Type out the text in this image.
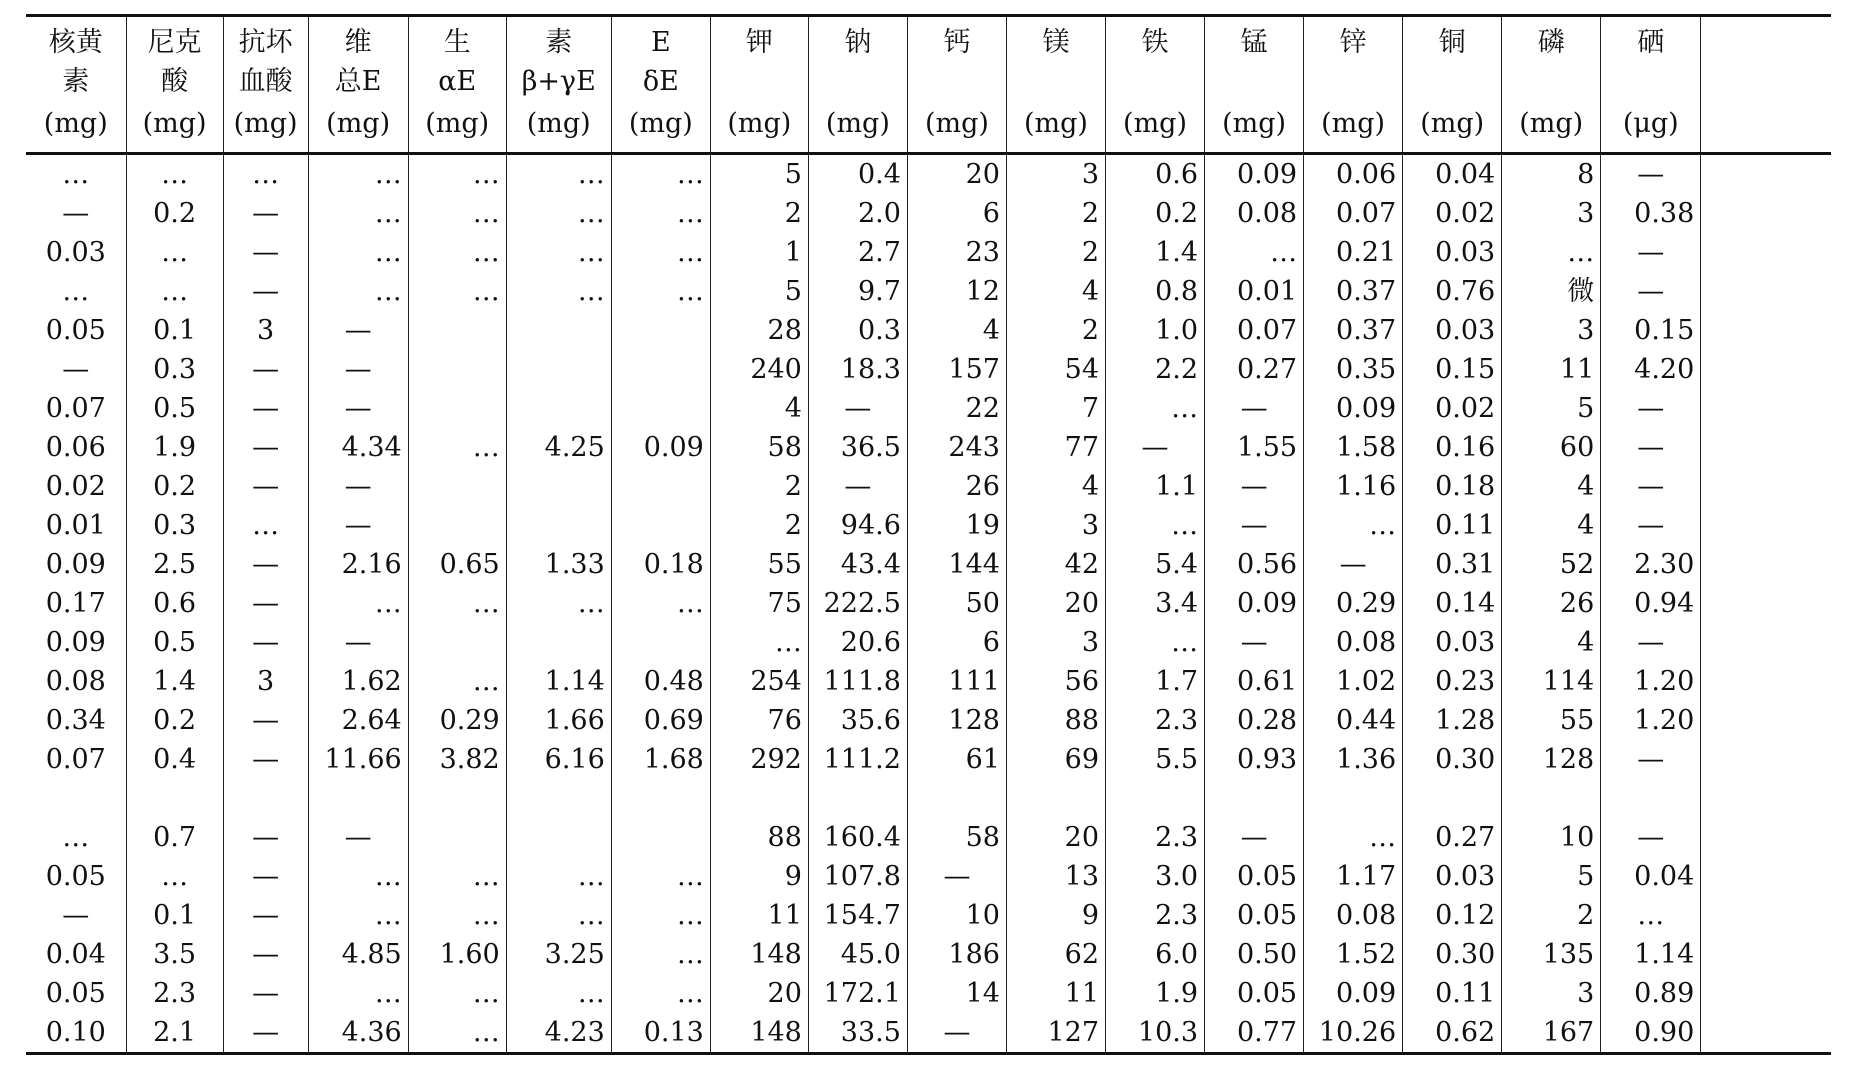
核黄	尼克	抗坏	维	生	素	E	钾	钠	钙	镁	铁	锰	锌	铜	磷	硒	
素	酸	血酸	总E	αE	β+γE	δE											
(mg)	(mg)	(mg)	(mg)	(mg)	(mg)	(mg)	(mg)	(mg)	(mg)	(mg)	(mg)	(mg)	(mg)	(mg)	(mg)	(μg)	
…	…	…	…	…	…	…	5	0.4	20	3	0.6	0.09	0.06	0.04	8	—	
—	0.2	—	…	…	…	…	2	2.0	6	2	0.2	0.08	0.07	0.02	3	0.38	
0.03	…	—	…	…	…	…	1	2.7	23	2	1.4	…	0.21	0.03	…	—	
…	…	—	…	…	…	…	5	9.7	12	4	0.8	0.01	0.37	0.76	微	—	
0.05	0.1	3	—				28	0.3	4	2	1.0	0.07	0.37	0.03	3	0.15	
—	0.3	—	—				240	18.3	157	54	2.2	0.27	0.35	0.15	11	4.20	
0.07	0.5	—	—				4	—	22	7	…	—	0.09	0.02	5	—	
0.06	1.9	—	4.34	…	4.25	0.09	58	36.5	243	77	—	1.55	1.58	0.16	60	—	
0.02	0.2	—	—				2	—	26	4	1.1	—	1.16	0.18	4	—	
0.01	0.3	…	—				2	94.6	19	3	…	—	…	0.11	4	—	
0.09	2.5	—	2.16	0.65	1.33	0.18	55	43.4	144	42	5.4	0.56	—	0.31	52	2.30	
0.17	0.6	—	…	…	…	…	75	222.5	50	20	3.4	0.09	0.29	0.14	26	0.94	
0.09	0.5	—	—				…	20.6	6	3	…	—	0.08	0.03	4	—	
0.08	1.4	3	1.62	…	1.14	0.48	254	111.8	111	56	1.7	0.61	1.02	0.23	114	1.20	
0.34	0.2	—	2.64	0.29	1.66	0.69	76	35.6	128	88	2.3	0.28	0.44	1.28	55	1.20	
0.07	0.4	—	11.66	3.82	6.16	1.68	292	111.2	61	69	5.5	0.93	1.36	0.30	128	—	

…	0.7	—	—				88	160.4	58	20	2.3	—	…	0.27	10	—	
0.05	…	—	…	…	…	…	9	107.8	—	13	3.0	0.05	1.17	0.03	5	0.04	
—	0.1	—	…	…	…	…	11	154.7	10	9	2.3	0.05	0.08	0.12	2	…	
0.04	3.5	—	4.85	1.60	3.25	…	148	45.0	186	62	6.0	0.50	1.52	0.30	135	1.14	
0.05	2.3	—	…	…	…	…	20	172.1	14	11	1.9	0.05	0.09	0.11	3	0.89	
0.10	2.1	—	4.36	…	4.23	0.13	148	33.5	—	127	10.3	0.77	10.26	0.62	167	0.90	
